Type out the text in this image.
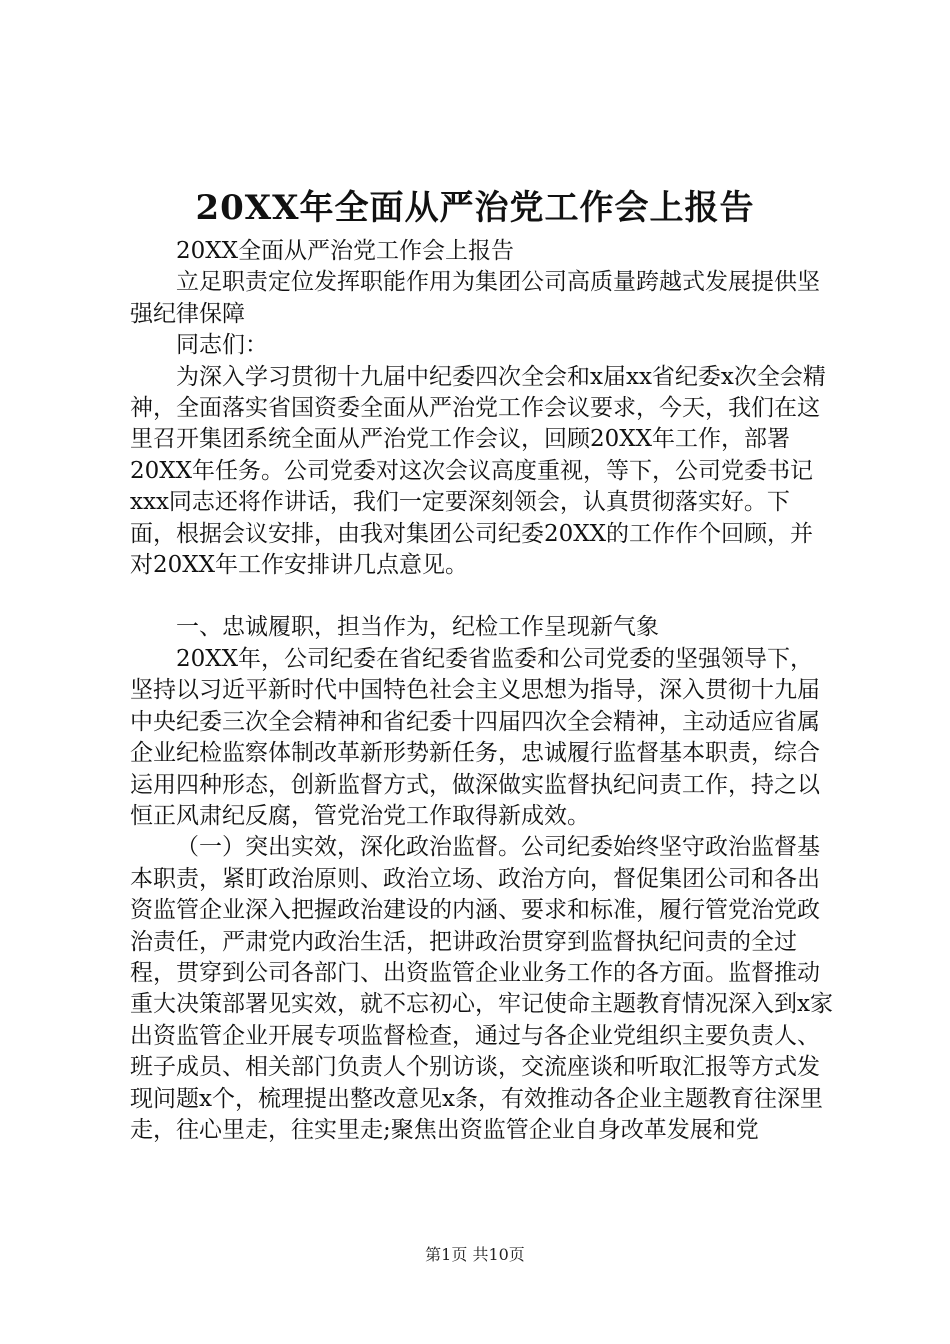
20XX年全面从严治党工作会上报告

20XX全面从严治党工作会上报告

立足职责定位发挥职能作用为集团公司高质量跨越式发展提供坚强纪律保障

同志们：

为深入学习贯彻十九届中纪委四次全会和x届xx省纪委x次全会精神，全面落实省国资委全面从严治党工作会议要求，今天，我们在这里召开集团系统全面从严治党工作会议，回顾20XX年工作，部署20XX年任务。公司党委对这次会议高度重视，等下，公司党委书记xxx同志还将作讲话，我们一定要深刻领会，认真贯彻落实好。下面，根据会议安排，由我对集团公司纪委20XX的工作作个回顾，并对20XX年工作安排讲几点意见。

一、忠诚履职，担当作为，纪检工作呈现新气象

20XX年，公司纪委在省纪委省监委和公司党委的坚强领导下，坚持以习近平新时代中国特色社会主义思想为指导，深入贯彻十九届中央纪委三次全会精神和省纪委十四届四次全会精神，主动适应省属企业纪检监察体制改革新形势新任务，忠诚履行监督基本职责，综合运用四种形态，创新监督方式，做深做实监督执纪问责工作，持之以恒正风肃纪反腐，管党治党工作取得新成效。

（一）突出实效，深化政治监督。公司纪委始终坚守政治监督基本职责，紧盯政治原则、政治立场、政治方向，督促集团公司和各出资监管企业深入把握政治建设的内涵、要求和标准，履行管党治党政治责任，严肃党内政治生活，把讲政治贯穿到监督执纪问责的全过程，贯穿到公司各部门、出资监管企业业务工作的各方面。监督推动重大决策部署见实效，就不忘初心，牢记使命主题教育情况深入到x家出资监管企业开展专项监督检查，通过与各企业党组织主要负责人、班子成员、相关部门负责人个别访谈，交流座谈和听取汇报等方式发现问题x个，梳理提出整改意见x条，有效推动各企业主题教育往深里走，往心里走，往实里走;聚焦出资监管企业自身改革发展和党

第1页 共10页
